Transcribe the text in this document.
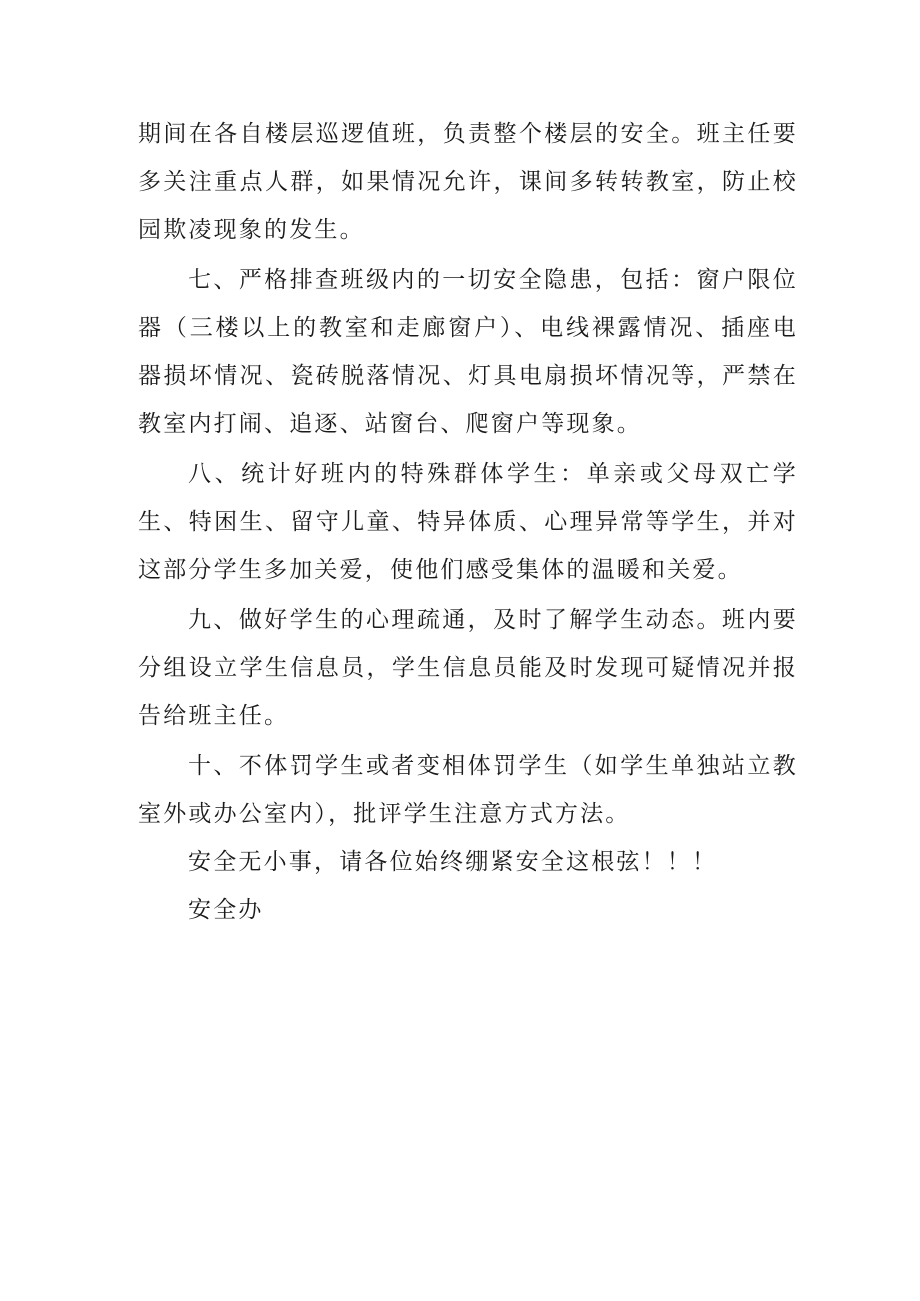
期间在各自楼层巡逻值班，负责整个楼层的安全。班主任要多关注重点人群，如果情况允许，课间多转转教室，防止校园欺凌现象的发生。

七、严格排查班级内的一切安全隐患，包括：窗户限位器（三楼以上的教室和走廊窗户）、电线裸露情况、插座电器损坏情况、瓷砖脱落情况、灯具电扇损坏情况等，严禁在教室内打闹、追逐、站窗台、爬窗户等现象。

八、统计好班内的特殊群体学生：单亲或父母双亡学生、特困生、留守儿童、特异体质、心理异常等学生，并对这部分学生多加关爱，使他们感受集体的温暖和关爱。

九、做好学生的心理疏通，及时了解学生动态。班内要分组设立学生信息员，学生信息员能及时发现可疑情况并报告给班主任。

十、不体罚学生或者变相体罚学生（如学生单独站立教室外或办公室内），批评学生注意方式方法。

安全无小事，请各位始终绷紧安全这根弦！！！

安全办
